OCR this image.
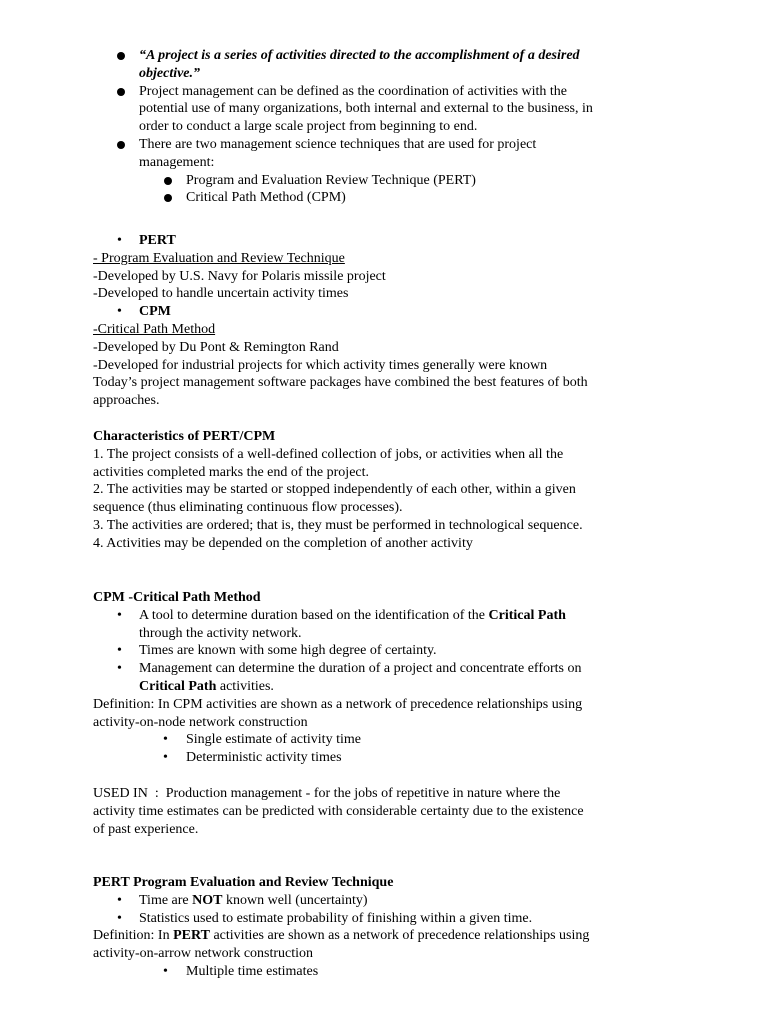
“A project is a series of activities directed to the accomplishment of a desired
objective.”
Project management can be defined as the coordination of activities with the
potential use of many organizations, both internal and external to the business, in
order to conduct a large scale project from beginning to end.
There are two management science techniques that are used for project
management:
Program and Evaluation Review Technique (PERT)
Critical Path Method (CPM)
• PERT
- Program Evaluation and Review Technique
-Developed by U.S. Navy for Polaris missile project
-Developed to handle uncertain activity times
• CPM
-Critical Path Method
-Developed by Du Pont & Remington Rand
-Developed for industrial projects for which activity times generally were known
Today’s project management software packages have combined the best features of both
approaches.
Characteristics of PERT/CPM
1. The project consists of a well-defined collection of jobs, or activities when all the
activities completed marks the end of the project.
2. The activities may be started or stopped independently of each other, within a given
sequence (thus eliminating continuous flow processes).
3. The activities are ordered; that is, they must be performed in technological sequence.
4. Activities may be depended on the completion of another activity
CPM -Critical Path Method
• A tool to determine duration based on the identification of the Critical Path
through the activity network.
• Times are known with some high degree of certainty.
• Management can determine the duration of a project and concentrate efforts on
Critical Path activities.
Definition: In CPM activities are shown as a network of precedence relationships using
activity-on-node network construction
• Single estimate of activity time
• Deterministic activity times
USED IN  :  Production management - for the jobs of repetitive in nature where the
activity time estimates can be predicted with considerable certainty due to the existence
of past experience.
PERT Program Evaluation and Review Technique
• Time are NOT known well (uncertainty)
• Statistics used to estimate probability of finishing within a given time.
Definition: In PERT activities are shown as a network of precedence relationships using
activity-on-arrow network construction
• Multiple time estimates
